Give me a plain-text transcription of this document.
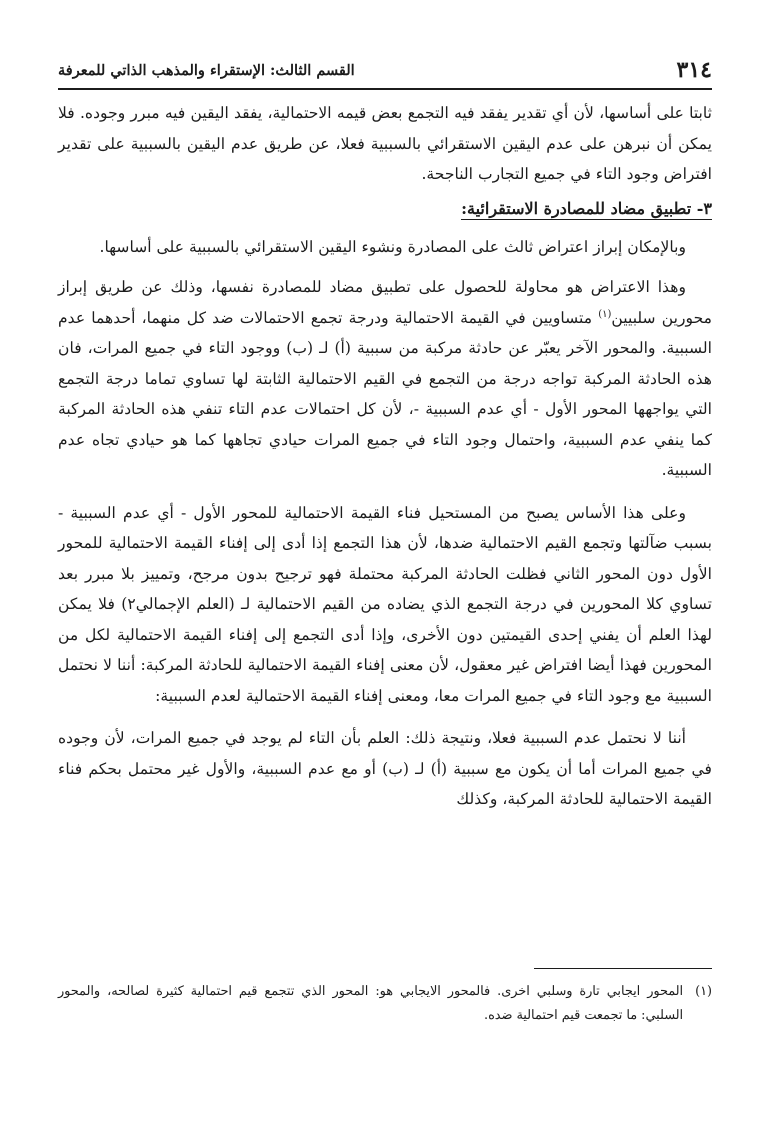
٣١٤
القسم الثالث: الإستقراء والمذهب الذاتي للمعرفة

ثابتا على أساسها، لأن أي تقدير يفقد فيه التجمع بعض قيمه الاحتمالية، يفقد اليقين فيه مبرر وجوده. فلا يمكن أن نبرهن على عدم اليقين الاستقرائي بالسببية فعلا، عن طريق عدم اليقين بالسببية على تقدير افتراض وجود التاء في جميع التجارب الناجحة.

٣- تطبيق مضاد للمصادرة الاستقرائية:

وبالإمكان إبراز اعتراض ثالث على المصادرة ونشوء اليقين الاستقرائي بالسببية على أساسها.

وهذا الاعتراض هو محاولة للحصول على تطبيق مضاد للمصادرة نفسها، وذلك عن طريق إبراز محورين سلبيين$^{(١)}$ متساويين في القيمة الاحتمالية ودرجة تجمع الاحتمالات ضد كل منهما، أحدهما عدم السببية. والمحور الآخر يعبّر عن حادثة مركبة من سببية (أ) لـ (ب) ووجود التاء في جميع المرات، فان هذه الحادثة المركبة تواجه درجة من التجمع في القيم الاحتمالية الثابتة لها تساوي تماما درجة التجمع التي يواجهها المحور الأول - أي عدم السببية -، لأن كل احتمالات عدم التاء تنفي هذه الحادثة المركبة كما ينفي عدم السببية، واحتمال وجود التاء في جميع المرات حيادي تجاهها كما هو حيادي تجاه عدم السببية.

وعلى هذا الأساس يصبح من المستحيل فناء القيمة الاحتمالية للمحور الأول - أي عدم السببية - بسبب ضآلتها وتجمع القيم الاحتمالية ضدها، لأن هذا التجمع إذا أدى إلى إفناء القيمة الاحتمالية للمحور الأول دون المحور الثاني فظلت الحادثة المركبة محتملة فهو ترجيح بدون مرجح، وتمييز بلا مبرر بعد تساوي كلا المحورين في درجة التجمع الذي يضاده من القيم الاحتمالية لـ (العلم الإجمالي٢) فلا يمكن لهذا العلم أن يفني إحدى القيمتين دون الأخرى، وإذا أدى التجمع إلى إفناء القيمة الاحتمالية لكل من المحورين فهذا أيضا افتراض غير معقول، لأن معنى إفناء القيمة الاحتمالية للحادثة المركبة: أننا لا نحتمل السببية مع وجود التاء في جميع المرات معا، ومعنى إفناء القيمة الاحتمالية لعدم السببية:

أننا لا نحتمل عدم السببية فعلا، ونتيجة ذلك: العلم بأن التاء لم يوجد في جميع المرات، لأن وجوده في جميع المرات أما أن يكون مع سببية (أ) لـ (ب) أو مع عدم السببية، والأول غير محتمل بحكم فناء القيمة الاحتمالية للحادثة المركبة، وكذلك

(١)
المحور ايجابي تارة وسلبي اخرى. فالمحور الايجابي هو: المحور الذي تتجمع قيم احتمالية كثيرة لصالحه، والمحور السلبي: ما تجمعت قيم احتمالية ضده.
